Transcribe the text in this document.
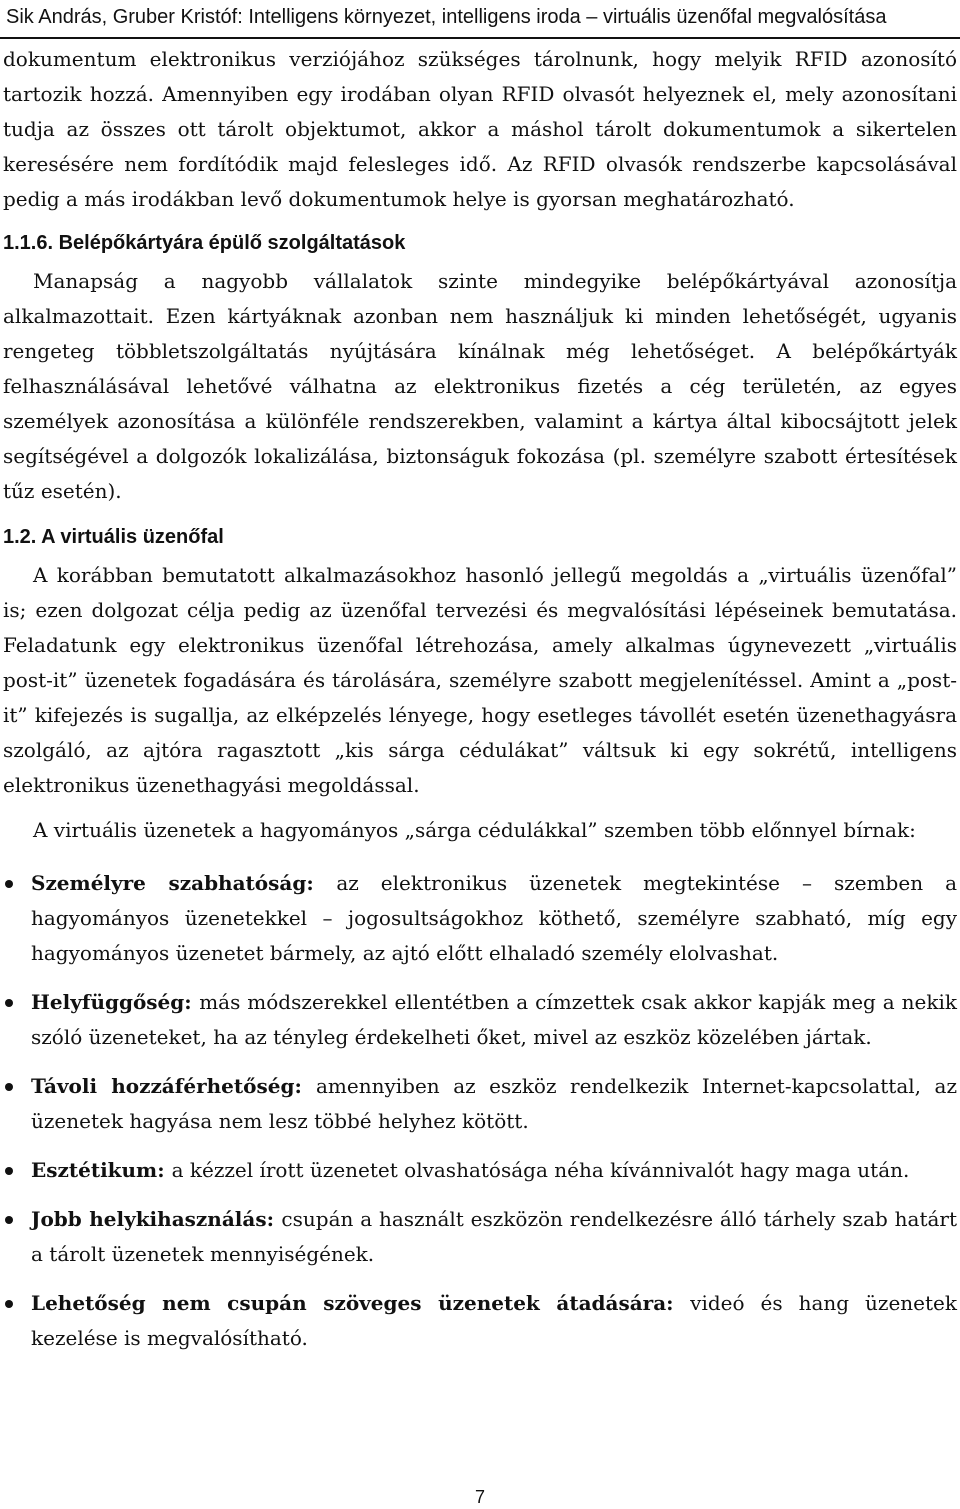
Sik András, Gruber Kristóf: Intelligens környezet, intelligens iroda – virtuális üzenőfal megvalósítása

dokumentum elektronikus verziójához szükséges tárolnunk, hogy melyik RFID azonosító tartozik hozzá. Amennyiben egy irodában olyan RFID olvasót helyeznek el, mely azonosítani tudja az összes ott tárolt objektumot, akkor a máshol tárolt dokumentumok a sikertelen keresésére nem fordítódik majd felesleges idő. Az RFID olvasók rendszerbe kapcsolásával pedig a más irodákban levő dokumentumok helye is gyorsan meghatározható.

1.1.6. Belépőkártyára épülő szolgáltatások

Manapság a nagyobb vállalatok szinte mindegyike belépőkártyával azonosítja alkalmazottait. Ezen kártyáknak azonban nem használjuk ki minden lehetőségét, ugyanis rengeteg többletszolgáltatás nyújtására kínálnak még lehetőséget. A belépőkártyák felhasználásával lehetővé válhatna az elektronikus fizetés a cég területén, az egyes személyek azonosítása a különféle rendszerekben, valamint a kártya által kibocsájtott jelek segítségével a dolgozók lokalizálása, biztonságuk fokozása (pl. személyre szabott értesítések tűz esetén).

1.2. A virtuális üzenőfal

A korábban bemutatott alkalmazásokhoz hasonló jellegű megoldás a „virtuális üzenőfal” is; ezen dolgozat célja pedig az üzenőfal tervezési és megvalósítási lépéseinek bemutatása. Feladatunk egy elektronikus üzenőfal létrehozása, amely alkalmas úgynevezett „virtuális post-it” üzenetek fogadására és tárolására, személyre szabott megjelenítéssel. Amint a „post-it” kifejezés is sugallja, az elképzelés lényege, hogy esetleges távollét esetén üzenethagyásra szolgáló, az ajtóra ragasztott „kis sárga cédulákat” váltsuk ki egy sokrétű, intelligens elektronikus üzenethagyási megoldással.

A virtuális üzenetek a hagyományos „sárga cédulákkal” szemben több előnnyel bírnak:

Személyre szabhatóság: az elektronikus üzenetek megtekintése – szemben a hagyományos üzenetekkel – jogosultságokhoz köthető, személyre szabható, míg egy hagyományos üzenetet bármely, az ajtó előtt elhaladó személy elolvashat.
Helyfüggőség: más módszerekkel ellentétben a címzettek csak akkor kapják meg a nekik szóló üzeneteket, ha az tényleg érdekelheti őket, mivel az eszköz közelében jártak.
Távoli hozzáférhetőség: amennyiben az eszköz rendelkezik Internet-kapcsolattal, az üzenetek hagyása nem lesz többé helyhez kötött.
Esztétikum: a kézzel írott üzenetet olvashatósága néha kívánnivalót hagy maga után.
Jobb helykihasználás: csupán a használt eszközön rendelkezésre álló tárhely szab határt a tárolt üzenetek mennyiségének.
Lehetőség nem csupán szöveges üzenetek átadására: videó és hang üzenetek kezelése is megvalósítható.
7
